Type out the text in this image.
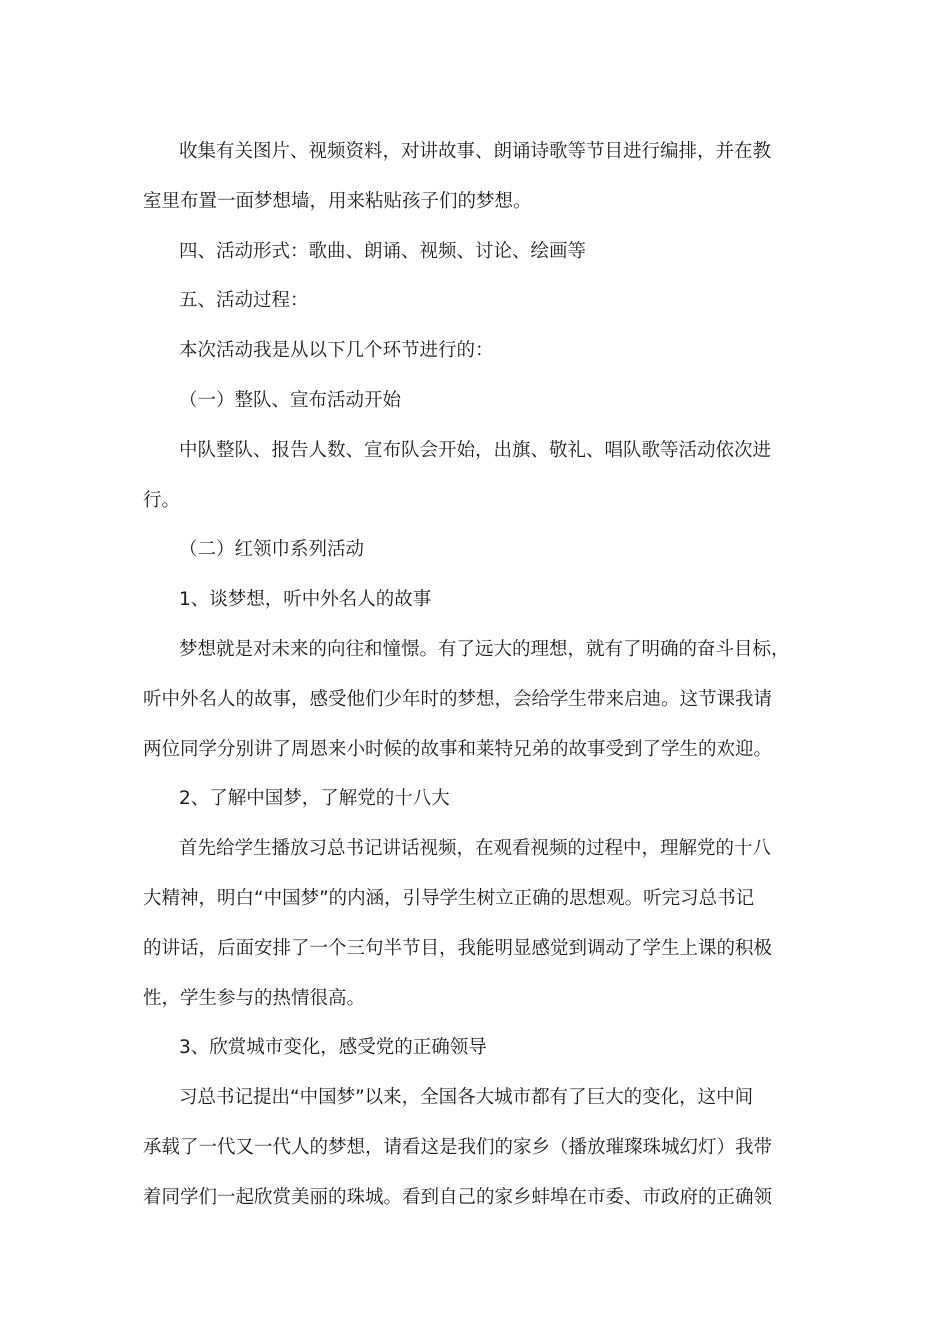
收集有关图片、视频资料，对讲故事、朗诵诗歌等节目进行编排，并在教
室里布置一面梦想墙，用来粘贴孩子们的梦想。
四、活动形式：歌曲、朗诵、视频、讨论、绘画等
五、活动过程：
本次活动我是从以下几个环节进行的：
（一）整队、宣布活动开始
中队整队、报告人数、宣布队会开始，出旗、敬礼、唱队歌等活动依次进
行。
（二）红领巾系列活动
1、谈梦想，听中外名人的故事
梦想就是对未来的向往和憧憬。有了远大的理想，就有了明确的奋斗目标，
听中外名人的故事，感受他们少年时的梦想，会给学生带来启迪。这节课我请
两位同学分别讲了周恩来小时候的故事和莱特兄弟的故事受到了学生的欢迎。
2、了解中国梦，了解党的十八大
首先给学生播放习总书记讲话视频，在观看视频的过程中，理解党的十八
大精神，明白“中国梦”的内涵，引导学生树立正确的思想观。听完习总书记
的讲话，后面安排了一个三句半节目，我能明显感觉到调动了学生上课的积极
性，学生参与的热情很高。
3、欣赏城市变化，感受党的正确领导
习总书记提出“中国梦”以来，全国各大城市都有了巨大的变化，这中间
承载了一代又一代人的梦想，请看这是我们的家乡（播放璀璨珠城幻灯）我带
着同学们一起欣赏美丽的珠城。看到自己的家乡蚌埠在市委、市政府的正确领
